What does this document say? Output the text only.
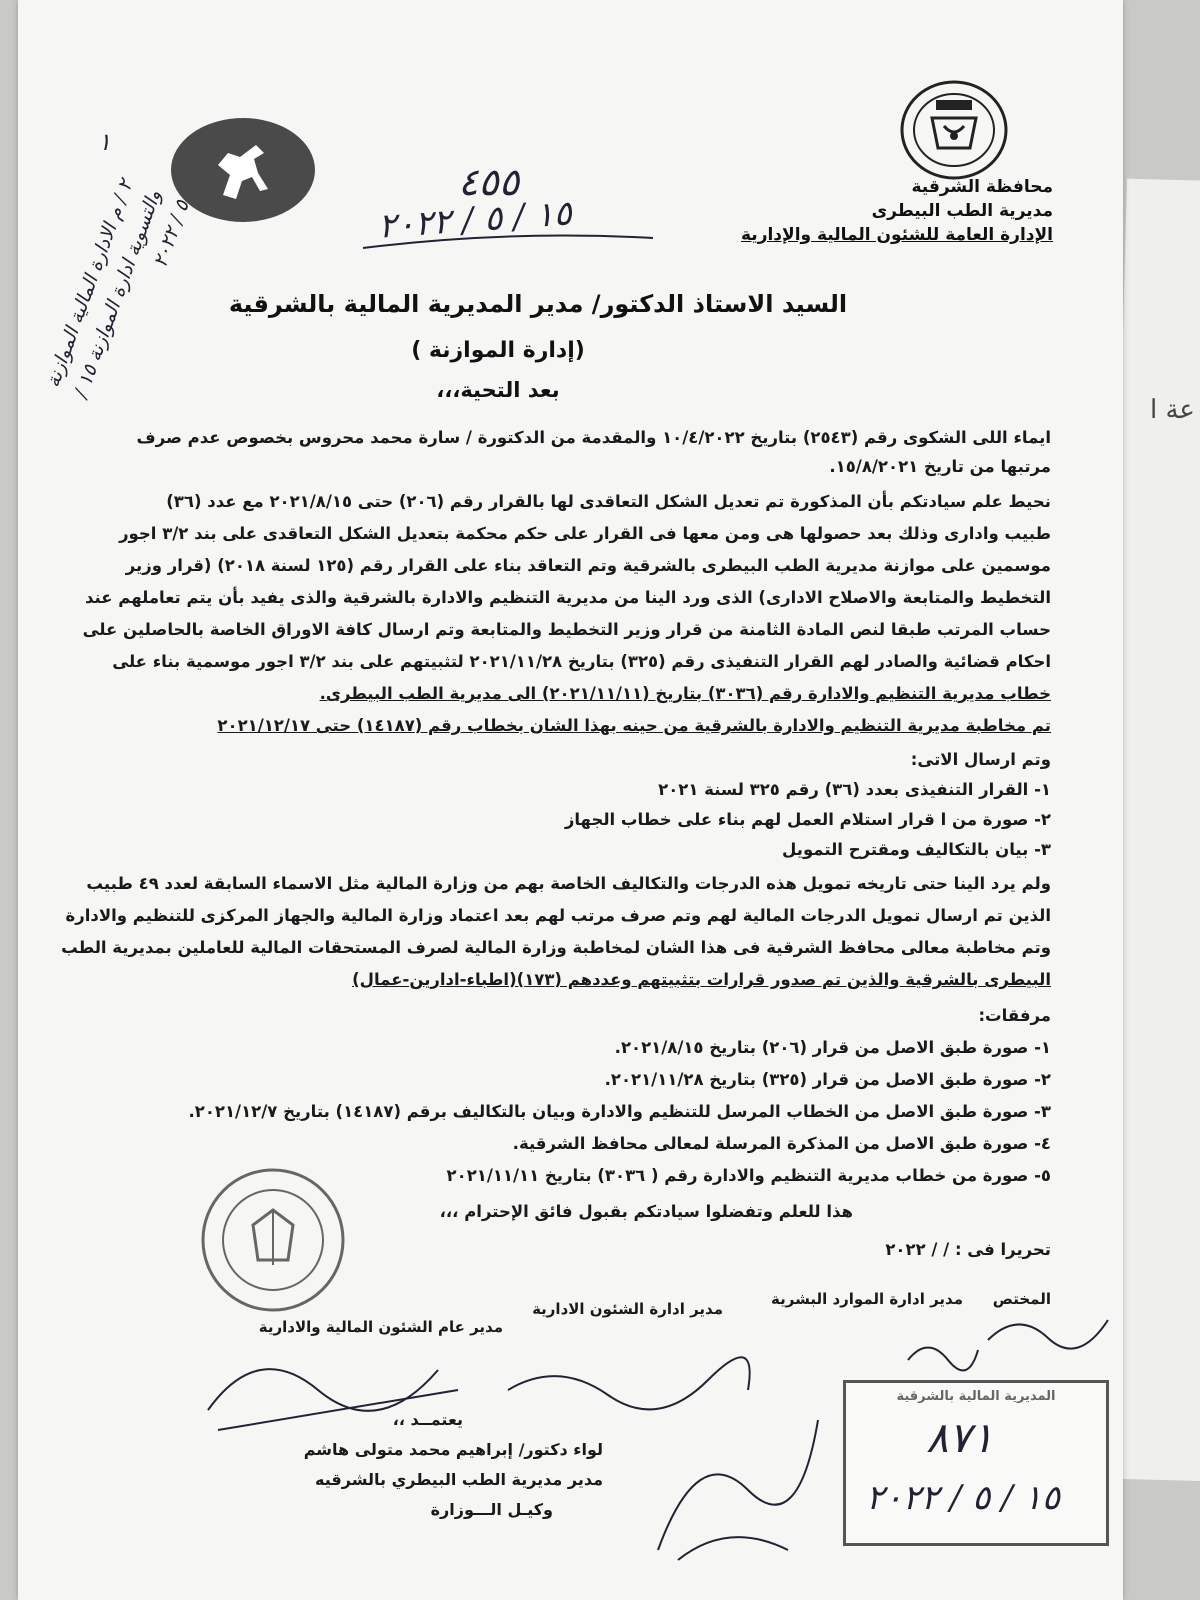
عة ا
محافظة الشرقية
مديرية الطب البيطرى
الإدارة العامة للشئون المالية والإدارية
٤٥٥
١٥ / ٥ / ٢٠٢٢
١
٢ / م الادارة المالية الموازنة والتسوية ادارة الموازنة ١٥ / ٥ / ٢٠٢٢
السيد الاستاذ الدكتور/ مدير المديرية المالية بالشرقية
(إدارة الموازنة )
بعد التحية،،،
ايماء اللى الشكوى رقم (٢٥٤٣) بتاريخ ١٠/٤/٢٠٢٢ والمقدمة من الدكتورة / سارة محمد محروس بخصوص عدم صرف
مرتبها من تاريخ ١٥/٨/٢٠٢١.
نحيط علم سيادتكم بأن المذكورة تم تعديل الشكل التعاقدى لها بالقرار رقم (٢٠٦) حتى ٢٠٢١/٨/١٥ مع عدد (٣٦)
طبيب وادارى وذلك بعد حصولها هى ومن معها فى القرار على حكم محكمة بتعديل الشكل التعاقدى على بند ٣/٢ اجور
موسمين على موازنة مديرية الطب البيطرى بالشرقية وتم التعاقد بناء على القرار رقم (١٢٥ لسنة ٢٠١٨) (قرار وزير
التخطيط والمتابعة والاصلاح الادارى) الذى ورد الينا من مديرية التنظيم والادارة بالشرقية والذى يفيد بأن يتم تعاملهم عند
حساب المرتب طبقا لنص المادة الثامنة من قرار وزير التخطيط والمتابعة وتم ارسال كافة الاوراق الخاصة بالحاصلين على
احكام قضائية والصادر لهم القرار التنفيذى رقم (٣٢٥) بتاريخ ٢٠٢١/١١/٢٨ لتثبيتهم على بند ٣/٢ اجور موسمية بناء على
خطاب مديرية التنظيم والادارة رقم (٣٠٣٦) بتاريخ (٢٠٢١/١١/١١) الى مديرية الطب البيطرى.
تم مخاطبة مديرية التنظيم والادارة بالشرقية من حينه بهذا الشان بخطاب رقم (١٤١٨٧) حتى ٢٠٢١/١٢/١٧
وتم ارسال الاتى:
١- القرار التنفيذى بعدد (٣٦) رقم ٣٢٥ لسنة ٢٠٢١
٢- صورة من ا قرار استلام العمل لهم بناء على خطاب الجهاز
٣- بيان بالتكاليف ومقترح التمويل
ولم يرد الينا حتى تاريخه تمويل هذه الدرجات والتكاليف الخاصة بهم من وزارة المالية مثل الاسماء السابقة لعدد ٤٩ طبيب
الذين تم ارسال تمويل الدرجات المالية لهم وتم صرف مرتب لهم بعد اعتماد وزارة المالية والجهاز المركزى للتنظيم والادارة
وتم مخاطبة معالى محافظ الشرقية فى هذا الشان لمخاطبة وزارة المالية لصرف المستحقات المالية للعاملين بمديرية الطب
البيطرى بالشرقية والذين تم صدور قرارات بتثبيتهم وعددهم (١٧٣)(اطباء-ادارين-عمال)
مرفقات:
١- صورة طبق الاصل من قرار (٢٠٦) بتاريخ ٢٠٢١/٨/١٥.
٢- صورة طبق الاصل من قرار (٣٢٥) بتاريخ ٢٠٢١/١١/٢٨.
٣- صورة طبق الاصل من الخطاب المرسل للتنظيم والادارة وبيان بالتكاليف برقم (١٤١٨٧) بتاريخ ٢٠٢١/١٢/٧.
٤- صورة طبق الاصل من المذكرة المرسلة لمعالى محافظ الشرقية.
٥- صورة من خطاب مديرية التنظيم والادارة رقم ( ٣٠٣٦) بتاريخ ٢٠٢١/١١/١١
هذا للعلم وتفضلوا سيادتكم بقبول فائق الإحترام ،،،
تحريرا فى : / / ٢٠٢٢
المختص
مدير ادارة الموارد البشرية
مدير ادارة الشئون الادارية
مدير عام الشئون المالية والادارية
يعتمــد ،،
لواء دكتور/ إبراهيم محمد متولى هاشم
مدير مديرية الطب البيطري بالشرقيه
وكيـل الـــوزارة
المديرية المالية بالشرقية
٨٧١
١٥ / ٥ / ٢٠٢٢
